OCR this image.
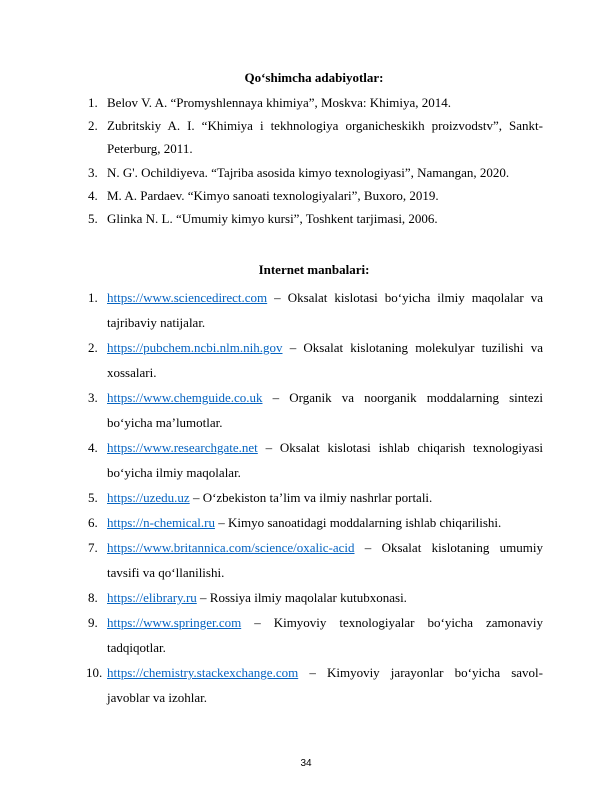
Qo‘shimcha adabiyotlar:
1. Belov V. A. “Promyshlennaya khimiya”, Moskva: Khimiya, 2014.
2. Zubritskiy A. I. “Khimiya i tekhnologiya organicheskikh proizvodstv”, Sankt-Peterburg, 2011.
3. N. G'. Ochildiyeva. “Tajriba asosida kimyo texnologiyasi”, Namangan, 2020.
4. M. A. Pardaev. “Kimyo sanoati texnologiyalari”, Buxoro, 2019.
5. Glinka N. L. “Umumiy kimyo kursi”, Toshkent tarjimasi, 2006.
Internet manbalari:
1. https://www.sciencedirect.com – Oksalat kislotasi bo‘yicha ilmiy maqolalar va tajribaviy natijalar.
2. https://pubchem.ncbi.nlm.nih.gov – Oksalat kislotaning molekulyar tuzilishi va xossalari.
3. https://www.chemguide.co.uk – Organik va noorganik moddalarning sintezi bo‘yicha ma’lumotlar.
4. https://www.researchgate.net – Oksalat kislotasi ishlab chiqarish texnologiyasi bo‘yicha ilmiy maqolalar.
5. https://uzedu.uz – O‘zbekiston ta’lim va ilmiy nashrlar portali.
6. https://n-chemical.ru – Kimyo sanoatidagi moddalarning ishlab chiqarilishi.
7. https://www.britannica.com/science/oxalic-acid – Oksalat kislotaning umumiy tavsifi va qo‘llanilishi.
8. https://elibrary.ru – Rossiya ilmiy maqolalar kutubxonasi.
9. https://www.springer.com – Kimyoviy texnologiyalar bo‘yicha zamonaviy tadqiqotlar.
10. https://chemistry.stackexchange.com – Kimyoviy jarayonlar bo‘yicha savol-javoblar va izohlar.
34
